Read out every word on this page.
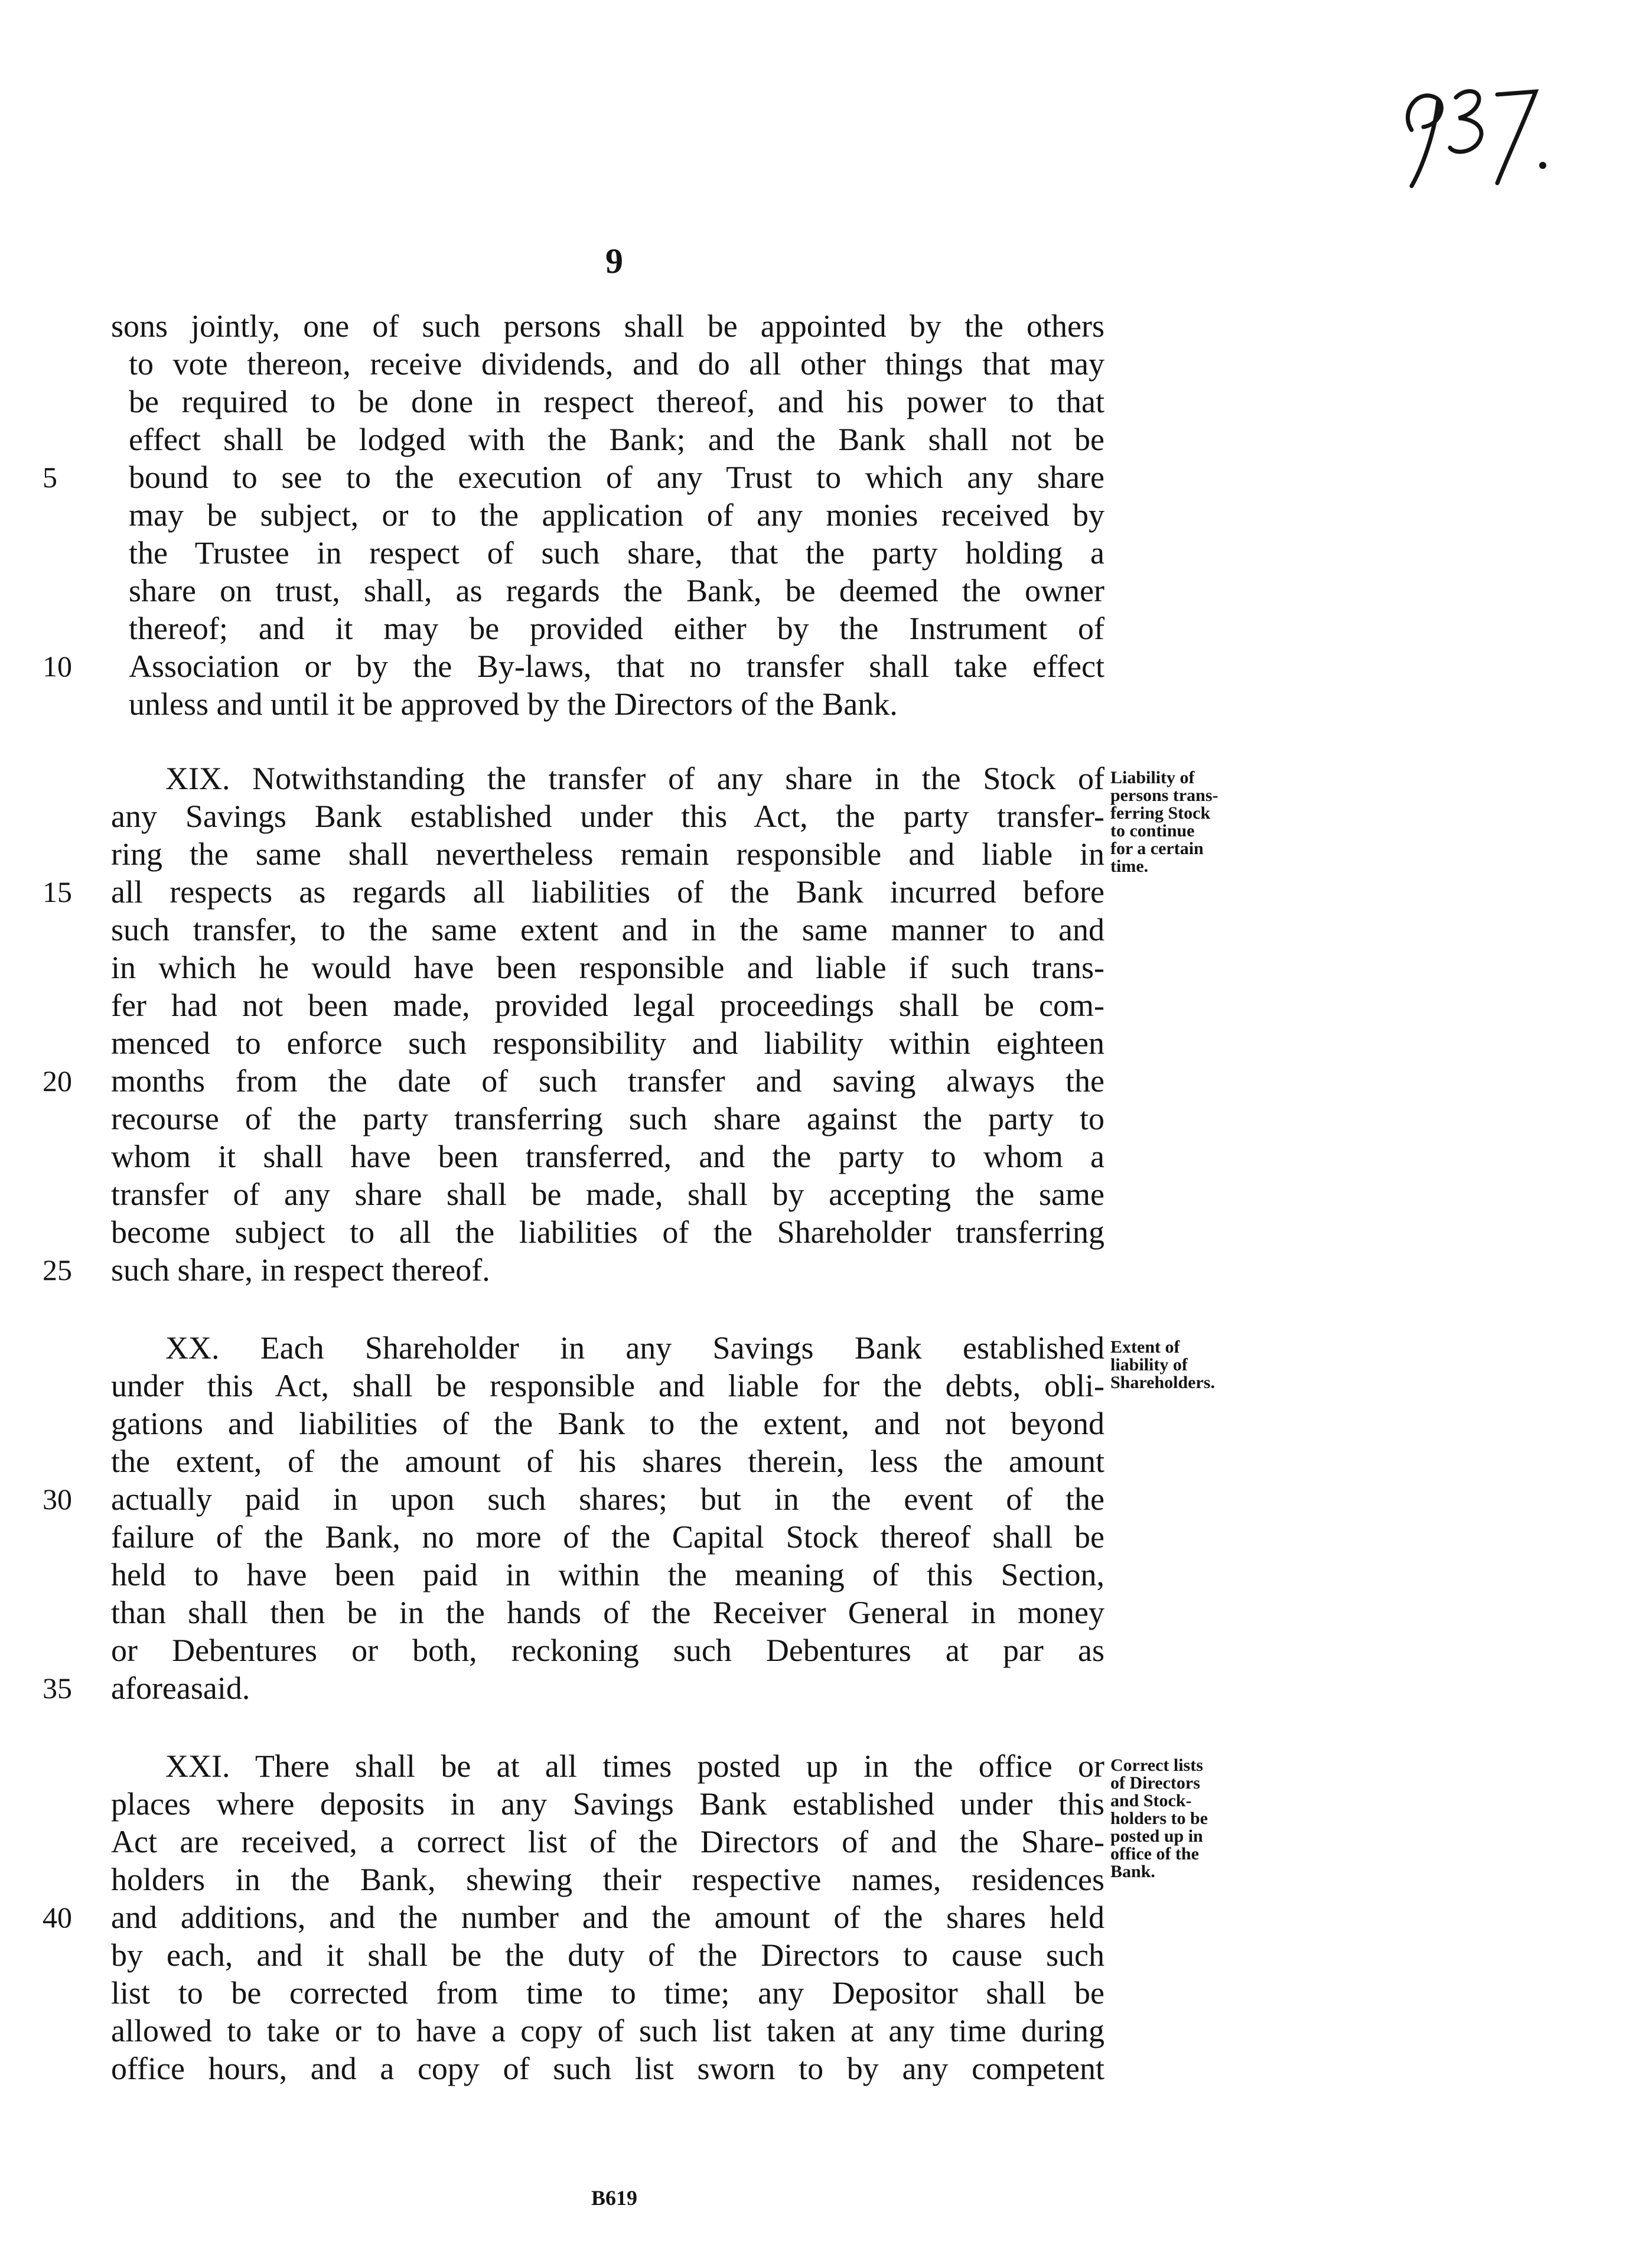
9
sons jointly, one of such persons shall be appointed by the others
to vote thereon, receive dividends, and do all other things that may
be required to be done in respect thereof, and his power to that
effect shall be lodged with the Bank; and the Bank shall not be
bound to see to the execution of any Trust to which any share
may be subject, or to the application of any monies received by
the Trustee in respect of such share, that the party holding a
share on trust, shall, as regards the Bank, be deemed the owner
thereof; and it may be provided either by the Instrument of
Association or by the By-laws, that no transfer shall take effect
unless and until it be approved by the Directors of the Bank.
XIX. Notwithstanding the transfer of any share in the Stock of
any Savings Bank established under this Act, the party transfer-
ring the same shall nevertheless remain responsible and liable in
all respects as regards all liabilities of the Bank incurred before
such transfer, to the same extent and in the same manner to and
in which he would have been responsible and liable if such trans-
fer had not been made, provided legal proceedings shall be com-
menced to enforce such responsibility and liability within eighteen
months from the date of such transfer and saving always the
recourse of the party transferring such share against the party to
whom it shall have been transferred, and the party to whom a
transfer of any share shall be made, shall by accepting the same
become subject to all the liabilities of the Shareholder transferring
such share, in respect thereof.
XX. Each Shareholder in any Savings Bank established
under this Act, shall be responsible and liable for the debts, obli-
gations and liabilities of the Bank to the extent, and not beyond
the extent, of the amount of his shares therein, less the amount
actually paid in upon such shares; but in the event of the
failure of the Bank, no more of the Capital Stock thereof shall be
held to have been paid in within the meaning of this Section,
than shall then be in the hands of the Receiver General in money
or Debentures or both, reckoning such Debentures at par as
aforeasaid.
XXI. There shall be at all times posted up in the office or
places where deposits in any Savings Bank established under this
Act are received, a correct list of the Directors of and the Share-
holders in the Bank, shewing their respective names, residences
and additions, and the number and the amount of the shares held
by each, and it shall be the duty of the Directors to cause such
list to be corrected from time to time; any Depositor shall be
allowed to take or to have a copy of such list taken at any time during
office hours, and a copy of such list sworn to by any competent
5
10
15
20
25
30
35
40
Liability of
persons trans-
ferring Stock
to continue
for a certain
time.
Extent of
liability of
Shareholders.
Correct lists
of Directors
and Stock-
holders to be
posted up in
office of the
Bank.
B619
